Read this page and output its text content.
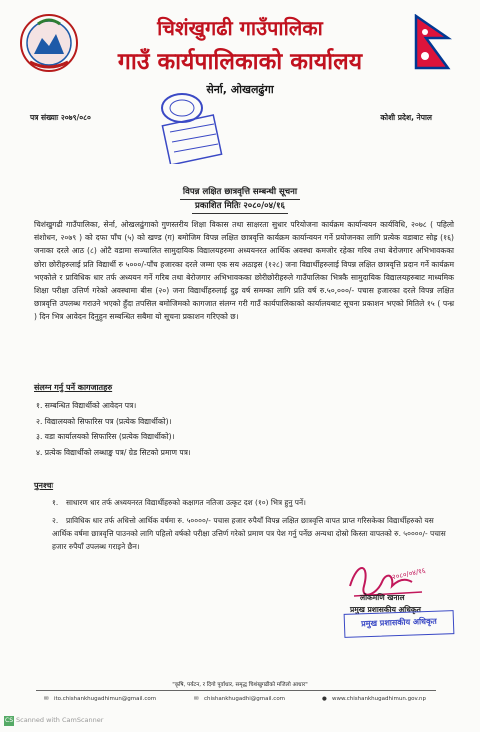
चिशंखुगढी गाउँपालिका
गाउँ कार्यपालिकाको कार्यालय
सेर्ना, ओखलढुंगा
पत्र संख्याः २०७९/०८०	कोशी प्रदेश, नेपाल
विपन्न लक्षित छात्रवृत्ति सम्बन्धी सूचना
प्रकाशित मितिः २०८०/०४/१६
चिशंखुगढी गाउँपालिका, सेर्ना, ओखलढुंगाको गुणस्तरीय शिक्षा विकास तथा साक्षरता सुधार परियोजना कार्यक्रम कार्यान्वयन कार्यविधि, २०७८ ( पहिलो संशोधन, २०७९ ) को दफा पाँच (५) को खण्ड (ग) बमोजिम विपन्न लक्षित छात्रवृत्ति कार्यक्रम कार्यान्वयन गर्ने प्रयोजनका लागि प्रत्येक वडाबाट सोह्र (१६) जनाका दरले आठ (८) ओटै वडामा सञ्चालित सामुदायिक विद्यालयहरुमा अध्ययनरत आर्थिक अवस्था कमजोर रहेका गरिब तथा बेरोजगार अभिभावकका छोरा छोरीहरुलाई प्रति विद्यार्थी रु ५०००/-पाँच हजारका दरले जम्मा एक सय अठाइस (१२८) जना विद्यार्थीहरुलाई विपन्न लक्षित छात्रवृत्ति प्रदान गर्ने कार्यक्रम भएकोले र प्राविधिक धार तर्फ अध्ययन गर्ने गरिब तथा बेरोजगार अभिभावकका छोरीछोरीहरुले गाउँपालिका भित्रकै सामुदायिक विद्यालयहरुबाट माध्यमिक शिक्षा परीक्षा उत्तिर्ण गरेको अवस्थामा बीस (२०) जना विद्यार्थीहरुलाई दुइ वर्ष समम्का लागि प्रति वर्ष रु.५०,०००/- पचास हजारका दरले विपन्न लक्षित छात्रवृत्ति उपलब्ध गराउने भएको हुँदा तपसिल बमोजिमको कागजात संलग्न गरी गाउँ कार्यपालिकाको कार्यालयबाट सूचना प्रकाशन भएको मितिले १५ ( पन्ध्र ) दिन भित्र आवेदन दिनुहुन सम्बन्धित सबैमा यो सूचना प्रकाशन गरिएको छ।
संलग्न गर्नु पर्ने कागजातहरु
१. सम्बन्धित विद्यार्थीको आवेदन पत्र।
२. विद्यालयको सिफारिस पत्र (प्रत्येक विद्यार्थीको)।
३. वडा कार्यालयको सिफारिस (प्रत्येक विद्यार्थीको)।
४. प्रत्येक विद्यार्थीको लब्धाङ्क पत्र/ ग्रेड सिटको प्रमाण पत्र।
पुनश्चः
१. साधारण धार तर्फ अध्ययनरत विद्यार्थीहरुको कक्षागत नतिजा उत्कृट दश (१०) भित्र हुनु पर्ने।
२. प्राविधिक धार तर्फ अधित्तो आर्थिक वर्षमा रु. ५००००/- पचास हजार रुपैयाँ विपन्न लक्षित छात्रवृत्ति वापत प्राप्त गरिसकेका विद्यार्थीहरुको यस आर्थिक वर्षमा छात्रवृत्ति पाउनको लागि पहिलो वर्षको परीक्षा उत्तिर्ण गरेको प्रमाण पत्र पेश गर्नु पर्नेछ अन्यथा दोस्रो किस्ता वापतको रु. ५००००/- पचास हजार रुपैयाँ उपलब्ध गराइने छैन।
२०८०/०४/१६
लोकमणि खनाल
प्रमुख प्रशासकीय अधिकृत
प्रमुख प्रशासकीय अधिकृत
"कृषि, पर्यटन, र दिगो पूर्वाधार, समृद्ध चिशंखुगढीको मजिलो आधार"
✉ ito.chishankhugadhimun@gmail.com	✉ chishankhugadhi@gmail.com	● www.chishankhugadhimun.gov.np
CS Scanned with CamScanner
